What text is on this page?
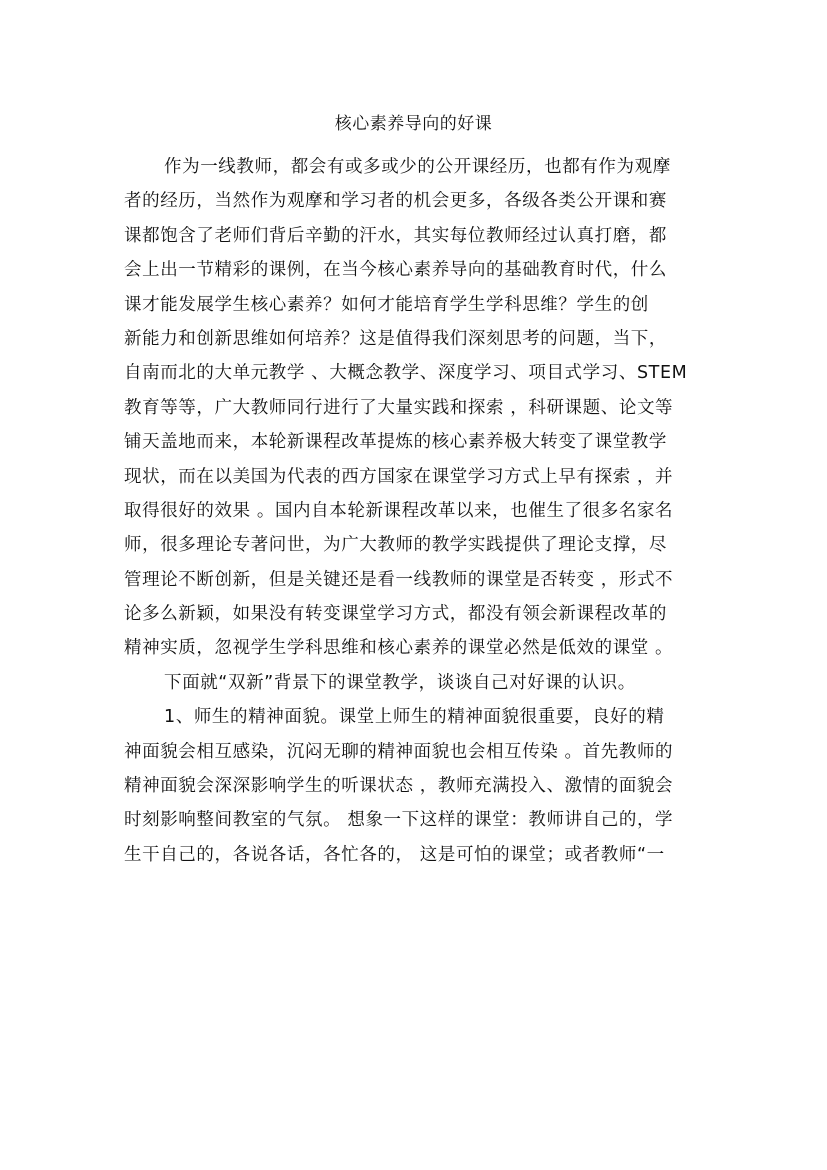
核心素养导向的好课
作为一线教师，都会有或多或少的公开课经历，也都有作为观摩
者的经历，当然作为观摩和学习者的机会更多，各级各类公开课和赛
课都饱含了老师们背后辛勤的汗水，其实每位教师经过认真打磨，都
会上出一节精彩的课例，在当今核心素养导向的基础教育时代，什么
课才能发展学生核心素养？如何才能培育学生学科思维？学生的创
新能力和创新思维如何培养？这是值得我们深刻思考的问题，当下，
自南而北的大单元教学 、大概念教学、深度学习、项目式学习、STEM
教育等等，广大教师同行进行了大量实践和探索 ，科研课题、论文等
铺天盖地而来，本轮新课程改革提炼的核心素养极大转变了课堂教学
现状，而在以美国为代表的西方国家在课堂学习方式上早有探索 ，并
取得很好的效果 。国内自本轮新课程改革以来，也催生了很多名家名
师，很多理论专著问世，为广大教师的教学实践提供了理论支撑，尽
管理论不断创新，但是关键还是看一线教师的课堂是否转变 ，形式不
论多么新颖，如果没有转变课堂学习方式，都没有领会新课程改革的
精神实质，忽视学生学科思维和核心素养的课堂必然是低效的课堂 。
下面就“双新”背景下的课堂教学，谈谈自己对好课的认识。
1、师生的精神面貌。课堂上师生的精神面貌很重要，良好的精
神面貌会相互感染，沉闷无聊的精神面貌也会相互传染 。首先教师的
精神面貌会深深影响学生的听课状态 ，教师充满投入、激情的面貌会
时刻影响整间教室的气氛。 想象一下这样的课堂：教师讲自己的，学
生干自己的，各说各话，各忙各的， 这是可怕的课堂；或者教师“一
